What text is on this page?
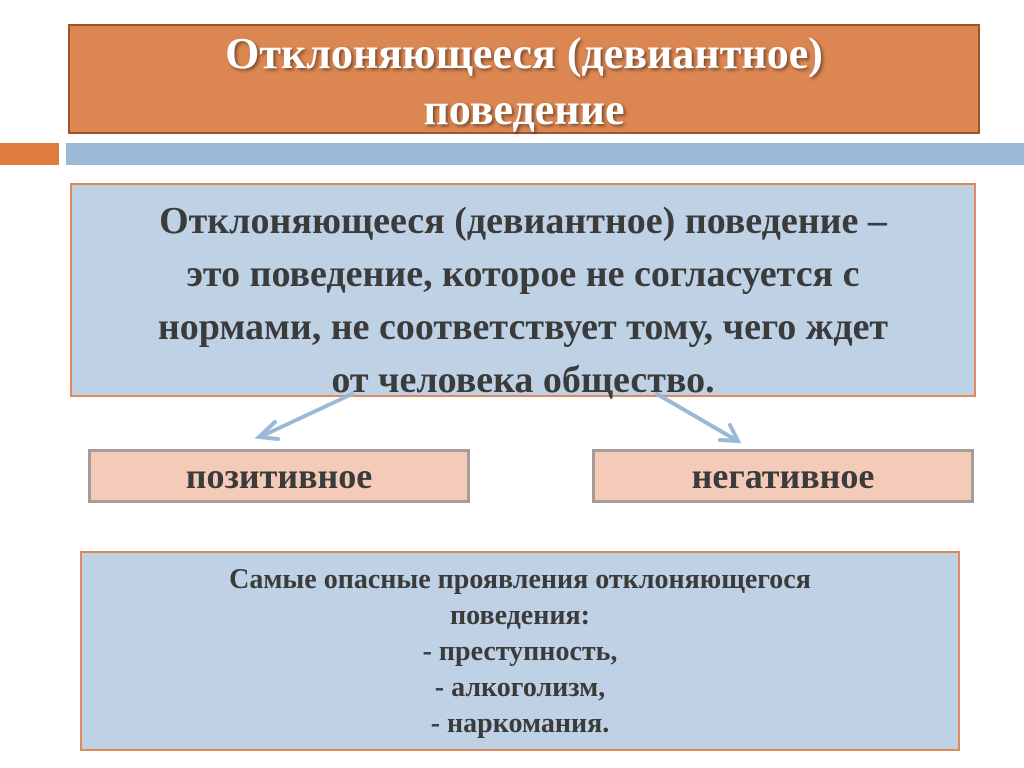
Отклоняющееся (девиантное)
поведение
Отклоняющееся (девиантное) поведение –
это поведение, которое не согласуется с
нормами, не соответствует тому, чего ждет
от человека общество.
позитивное	негативное
Самые опасные проявления отклоняющегося
поведения:
- преступность,
- алкоголизм,
- наркомания.
